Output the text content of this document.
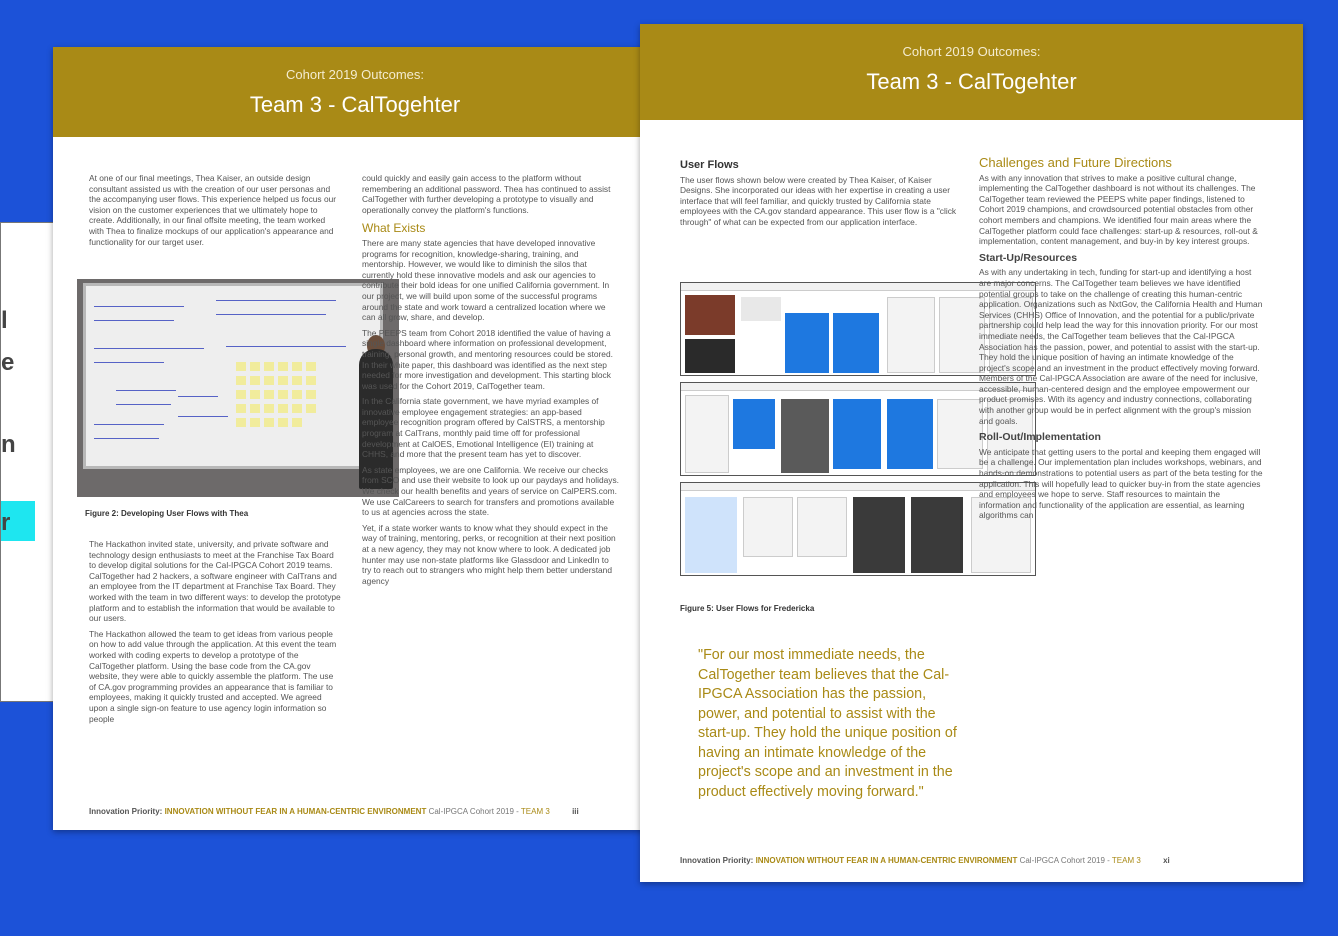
l
e
n
r
Cohort 2019 Outcomes:
Team 3 - CalTogehter

At one of our final meetings, Thea Kaiser, an outside design consultant assisted us with the creation of our user personas and the accompanying user flows. This experience helped us focus our vision on the customer experiences that we ultimately hope to create. Additionally, in our final offsite meeting, the team worked with Thea to finalize mockups of our application's appearance and functionality for our target user.

Figure 2: Developing User Flows with Thea

The Hackathon invited state, university, and private software and technology design enthusiasts to meet at the Franchise Tax Board to develop digital solutions for the Cal-IPGCA Cohort 2019 teams. CalTogether had 2 hackers, a software engineer with CalTrans and an employee from the IT department at Franchise Tax Board. They worked with the team in two different ways: to develop the prototype platform and to establish the information that would be available to our users.

The Hackathon allowed the team to get ideas from various people on how to add value through the application. At this event the team worked with coding experts to develop a prototype of the CalTogether platform. Using the base code from the CA.gov website, they were able to quickly assemble the platform. The use of CA.gov programming provides an appearance that is familiar to employees, making it quickly trusted and accepted. We agreed upon a single sign-on feature to use agency login information so people

could quickly and easily gain access to the platform without remembering an additional password. Thea has continued to assist CalTogether with further developing a prototype to visually and operationally convey the platform's functions.

What Exists

There are many state agencies that have developed innovative programs for recognition, knowledge-sharing, training, and mentorship. However, we would like to diminish the silos that currently hold these innovative models and ask our agencies to contribute their bold ideas for one unified California government. In our project, we will build upon some of the successful programs around the state and work toward a centralized location where we can all grow, share, and develop.

The PEEPS team from Cohort 2018 identified the value of having a single dashboard where information on professional development, training, personal growth, and mentoring resources could be stored. In their white paper, this dashboard was identified as the next step needed for more investigation and development. This starting block was used for the Cohort 2019, CalTogether team.

In the California state government, we have myriad examples of innovative employee engagement strategies: an app-based employee recognition program offered by CalSTRS, a mentorship program at CalTrans, monthly paid time off for professional development at CalOES, Emotional Intelligence (EI) training at CHHS, and more that the present team has yet to discover.

As state employees, we are one California. We receive our checks from SCO and use their website to look up our paydays and holidays. We check our health benefits and years of service on CalPERS.com. We use CalCareers to search for transfers and promotions available to us at agencies across the state.

Yet, if a state worker wants to know what they should expect in the way of training, mentoring, perks, or recognition at their next position at a new agency, they may not know where to look. A dedicated job hunter may use non-state platforms like Glassdoor and LinkedIn to try to reach out to strangers who might help them better understand agency

Innovation Priority: INNOVATION WITHOUT FEAR IN A HUMAN-CENTRIC ENVIRONMENT Cal-IPGCA Cohort 2019 - TEAM 3	iii
Cohort 2019 Outcomes:
Team 3 - CalTogehter
User Flows

The user flows shown below were created by Thea Kaiser, of Kaiser Designs. She incorporated our ideas with her expertise in creating a user interface that will feel familiar, and quickly trusted by California state employees with the CA.gov standard appearance. This user flow is a "click through" of what can be expected from our application interface.

Figure 5: User Flows for Fredericka
"For our most immediate needs, the CalTogether team believes that the Cal-IPGCA Association has the passion, power, and potential to assist with the start-up. They hold the unique position of having an intimate knowledge of the project's scope and an investment in the product effectively moving forward."
Challenges and Future Directions

As with any innovation that strives to make a positive cultural change, implementing the CalTogether dashboard is not without its challenges. The CalTogether team reviewed the PEEPS white paper findings, listened to Cohort 2019 champions, and crowdsourced potential obstacles from other cohort members and champions. We identified four main areas where the CalTogether platform could face challenges: start-up & resources, roll-out & implementation, content management, and buy-in by key interest groups.

Start-Up/Resources

As with any undertaking in tech, funding for start-up and identifying a host are major concerns. The CalTogether team believes we have identified potential groups to take on the challenge of creating this human-centric application. Organizations such as NxtGov, the California Health and Human Services (CHHS) Office of Innovation, and the potential for a public/private partnership could help lead the way for this innovation priority. For our most immediate needs, the CalTogether team believes that the Cal-IPGCA Association has the passion, power, and potential to assist with the start-up. They hold the unique position of having an intimate knowledge of the project's scope and an investment in the product effectively moving forward. Members of the Cal-IPGCA Association are aware of the need for inclusive, accessible, human-centered design and the employee empowerment our product promises. With its agency and industry connections, collaborating with another group would be in perfect alignment with the group's mission and goals.

Roll-Out/Implementation

We anticipate that getting users to the portal and keeping them engaged will be a challenge. Our implementation plan includes workshops, webinars, and hands-on demonstrations to potential users as part of the beta testing for the application. This will hopefully lead to quicker buy-in from the state agencies and employees we hope to serve. Staff resources to maintain the information and functionality of the application are essential, as learning algorithms can

Innovation Priority: INNOVATION WITHOUT FEAR IN A HUMAN-CENTRIC ENVIRONMENT Cal-IPGCA Cohort 2019 - TEAM 3	xi
